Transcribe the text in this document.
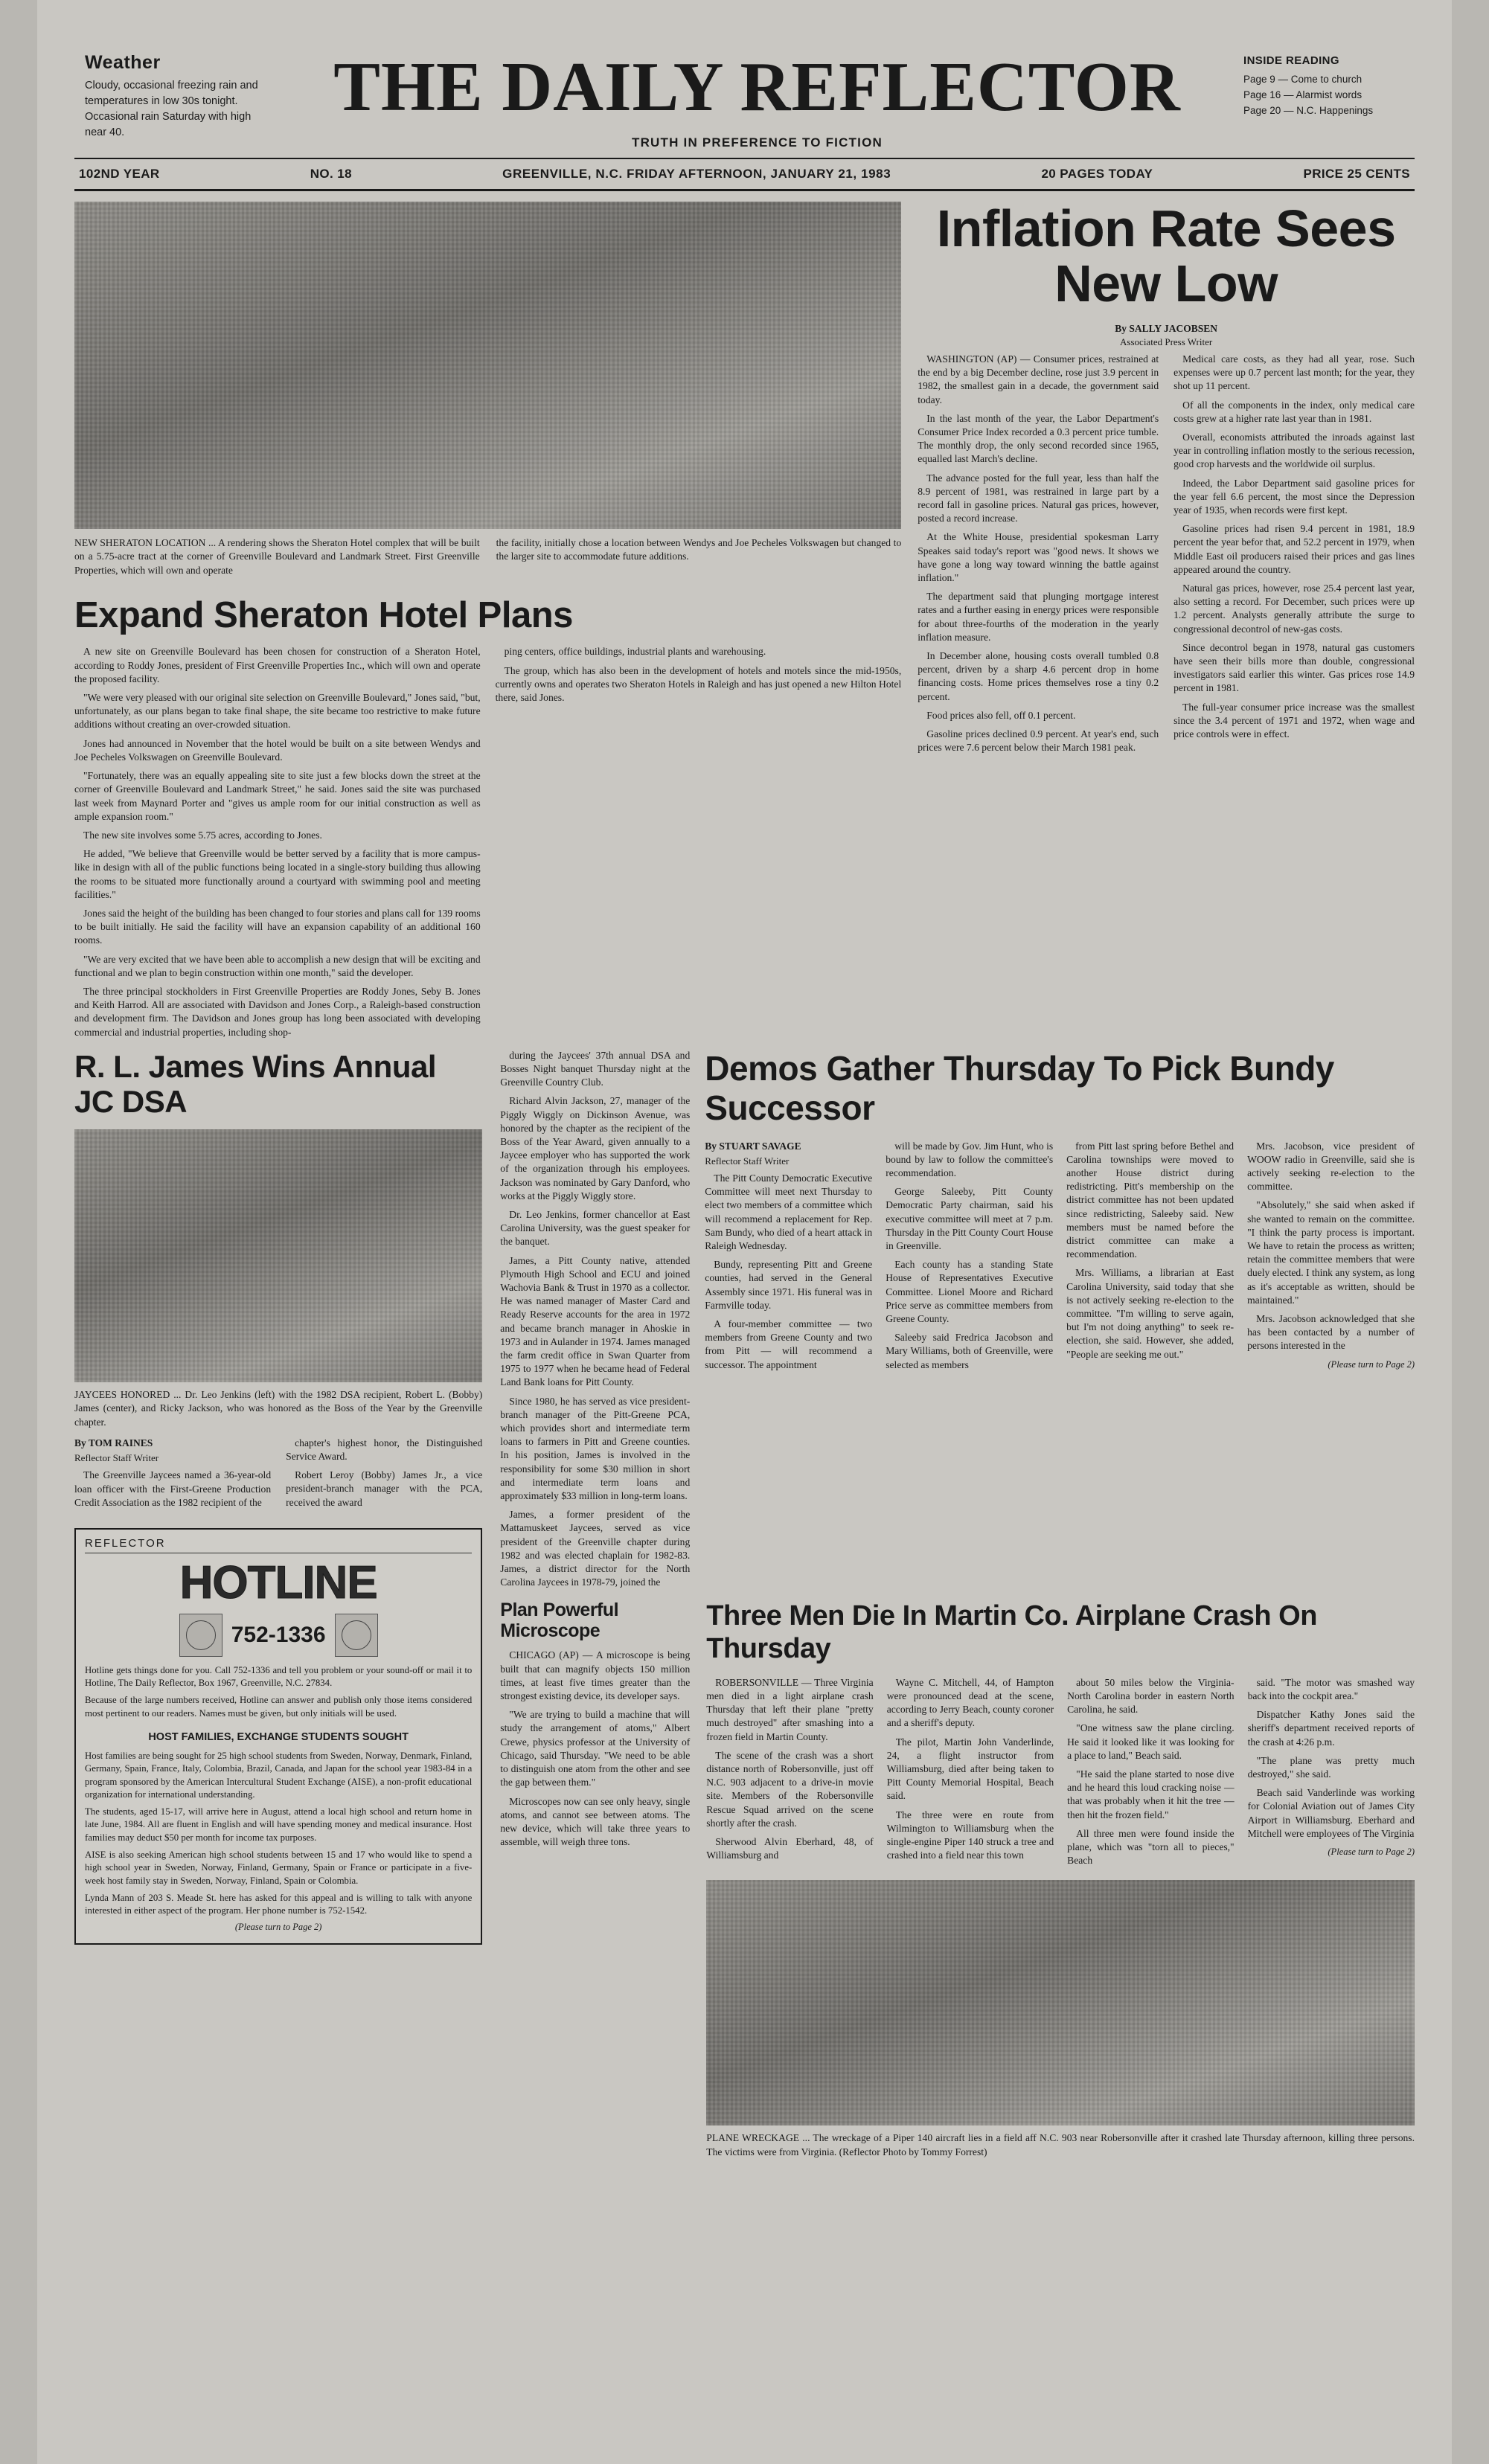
Weather
Cloudy, occasional freezing rain and temperatures in low 30s tonight. Occasional rain Saturday with high near 40.
THE DAILY REFLECTOR
TRUTH IN PREFERENCE TO FICTION
INSIDE READING
Page 9 — Come to church
Page 16 — Alarmist words
Page 20 — N.C. Happenings
102ND YEAR	NO. 18	GREENVILLE, N.C. FRIDAY AFTERNOON, JANUARY 21, 1983	20 PAGES TODAY	PRICE 25 CENTS
NEW SHERATON LOCATION ... A rendering shows the Sheraton Hotel complex that will be built on a 5.75-acre tract at the corner of Greenville Boulevard and Landmark Street. First Greenville Properties, which will own and operate
the facility, initially chose a location between Wendys and Joe Pecheles Volkswagen but changed to the larger site to accommodate future additions.
Expand Sheraton Hotel Plans

A new site on Greenville Boulevard has been chosen for construction of a Sheraton Hotel, according to Roddy Jones, president of First Greenville Properties Inc., which will own and operate the proposed facility.

"We were very pleased with our original site selection on Greenville Boulevard," Jones said, "but, unfortunately, as our plans began to take final shape, the site became too restrictive to make future additions without creating an over-crowded situation.

Jones had announced in November that the hotel would be built on a site between Wendys and Joe Pecheles Volkswagen on Greenville Boulevard.

"Fortunately, there was an equally appealing site to site just a few blocks down the street at the corner of Greenville Boulevard and Landmark Street," he said. Jones said the site was purchased last week from Maynard Porter and "gives us ample room for our initial construction as well as ample expansion room."

The new site involves some 5.75 acres, according to Jones.

He added, "We believe that Greenville would be better served by a facility that is more campus-like in design with all of the public functions being located in a single-story building thus allowing the rooms to be situated more functionally around a courtyard with swimming pool and meeting facilities."

Jones said the height of the building has been changed to four stories and plans call for 139 rooms to be built initially. He said the facility will have an expansion capability of an additional 160 rooms.

"We are very excited that we have been able to accomplish a new design that will be exciting and functional and we plan to begin construction within one month," said the developer.

The three principal stockholders in First Greenville Properties are Roddy Jones, Seby B. Jones and Keith Harrod. All are associated with Davidson and Jones Corp., a Raleigh-based construction and development firm. The Davidson and Jones group has long been associated with developing commercial and industrial properties, including shop-

ping centers, office buildings, industrial plants and warehousing.

The group, which has also been in the development of hotels and motels since the mid-1950s, currently owns and operates two Sheraton Hotels in Raleigh and has just opened a new Hilton Hotel there, said Jones.

Inflation Rate Sees New Low
By SALLY JACOBSEN
Associated Press Writer

WASHINGTON (AP) — Consumer prices, restrained at the end by a big December decline, rose just 3.9 percent in 1982, the smallest gain in a decade, the government said today.

In the last month of the year, the Labor Department's Consumer Price Index recorded a 0.3 percent price tumble. The monthly drop, the only second recorded since 1965, equalled last March's decline.

The advance posted for the full year, less than half the 8.9 percent of 1981, was restrained in large part by a record fall in gasoline prices. Natural gas prices, however, posted a record increase.

At the White House, presidential spokesman Larry Speakes said today's report was "good news. It shows we have gone a long way toward winning the battle against inflation."

The department said that plunging mortgage interest rates and a further easing in energy prices were responsible for about three-fourths of the moderation in the yearly inflation measure.

In December alone, housing costs overall tumbled 0.8 percent, driven by a sharp 4.6 percent drop in home financing costs. Home prices themselves rose a tiny 0.2 percent.

Food prices also fell, off 0.1 percent.

Gasoline prices declined 0.9 percent. At year's end, such prices were 7.6 percent below their March 1981 peak.

Medical care costs, as they had all year, rose. Such expenses were up 0.7 percent last month; for the year, they shot up 11 percent.

Of all the components in the index, only medical care costs grew at a higher rate last year than in 1981.

Overall, economists attributed the inroads against last year in controlling inflation mostly to the serious recession, good crop harvests and the worldwide oil surplus.

Indeed, the Labor Department said gasoline prices for the year fell 6.6 percent, the most since the Depression year of 1935, when records were first kept.

Gasoline prices had risen 9.4 percent in 1981, 18.9 percent the year befor that, and 52.2 percent in 1979, when Middle East oil producers raised their prices and gas lines appeared around the country.

Natural gas prices, however, rose 25.4 percent last year, also setting a record. For December, such prices were up 1.2 percent. Analysts generally attribute the surge to congressional decontrol of new-gas costs.

Since decontrol began in 1978, natural gas customers have seen their bills more than double, congressional investigators said earlier this winter. Gas prices rose 14.9 percent in 1981.

The full-year consumer price increase was the smallest since the 3.4 percent of 1971 and 1972, when wage and price controls were in effect.

R. L. James Wins Annual JC DSA
JAYCEES HONORED ... Dr. Leo Jenkins (left) with the 1982 DSA recipient, Robert L. (Bobby) James (center), and Ricky Jackson, who was honored as the Boss of the Year by the Greenville chapter.
By TOM RAINES
Reflector Staff Writer

The Greenville Jaycees named a 36-year-old loan officer with the First-Greene Production Credit Association as the 1982 recipient of the

chapter's highest honor, the Distinguished Service Award.

Robert Leroy (Bobby) James Jr., a vice president-branch manager with the PCA, received the award

REFLECTOR
HOTLINE
752-1336

Hotline gets things done for you. Call 752-1336 and tell you problem or your sound-off or mail it to Hotline, The Daily Reflector, Box 1967, Greenville, N.C. 27834.

Because of the large numbers received, Hotline can answer and publish only those items considered most pertinent to our readers. Names must be given, but only initials will be used.

HOST FAMILIES, EXCHANGE STUDENTS SOUGHT

Host families are being sought for 25 high school students from Sweden, Norway, Denmark, Finland, Germany, Spain, France, Italy, Colombia, Brazil, Canada, and Japan for the school year 1983-84 in a program sponsored by the American Intercultural Student Exchange (AISE), a non-profit educational organization for international understanding.

The students, aged 15-17, will arrive here in August, attend a local high school and return home in late June, 1984. All are fluent in English and will have spending money and medical insurance. Host families may deduct $50 per month for income tax purposes.

AISE is also seeking American high school students between 15 and 17 who would like to spend a high school year in Sweden, Norway, Finland, Germany, Spain or France or participate in a five-week host family stay in Sweden, Norway, Finland, Spain or Colombia.

Lynda Mann of 203 S. Meade St. here has asked for this appeal and is willing to talk with anyone interested in either aspect of the program. Her phone number is 752-1542.

(Please turn to Page 2)

during the Jaycees' 37th annual DSA and Bosses Night banquet Thursday night at the Greenville Country Club.

Richard Alvin Jackson, 27, manager of the Piggly Wiggly on Dickinson Avenue, was honored by the chapter as the recipient of the Boss of the Year Award, given annually to a Jaycee employer who has supported the work of the organization through his employees. Jackson was nominated by Gary Danford, who works at the Piggly Wiggly store.

Dr. Leo Jenkins, former chancellor at East Carolina University, was the guest speaker for the banquet.

James, a Pitt County native, attended Plymouth High School and ECU and joined Wachovia Bank & Trust in 1970 as a collector. He was named manager of Master Card and Ready Reserve accounts for the area in 1972 and became branch manager in Ahoskie in 1973 and in Aulander in 1974. James managed the farm credit office in Swan Quarter from 1975 to 1977 when he became head of Federal Land Bank loans for Pitt County.

Since 1980, he has served as vice president-branch manager of the Pitt-Greene PCA, which provides short and intermediate term loans to farmers in Pitt and Greene counties. In his position, James is involved in the responsibility for some $30 million in short and intermediate term loans and approximately $33 million in long-term loans.

James, a former president of the Mattamuskeet Jaycees, served as vice president of the Greenville chapter during 1982 and was elected chaplain for 1982-83. James, a district director for the North Carolina Jaycees in 1978-79, joined the

Demos Gather Thursday To Pick Bundy Successor
By STUART SAVAGE
Reflector Staff Writer

The Pitt County Democratic Executive Committee will meet next Thursday to elect two members of a committee which will recommend a replacement for Rep. Sam Bundy, who died of a heart attack in Raleigh Wednesday.

Bundy, representing Pitt and Greene counties, had served in the General Assembly since 1971. His funeral was in Farmville today.

A four-member committee — two members from Greene County and two from Pitt — will recommend a successor. The appointment

will be made by Gov. Jim Hunt, who is bound by law to follow the committee's recommendation.

George Saleeby, Pitt County Democratic Party chairman, said his executive committee will meet at 7 p.m. Thursday in the Pitt County Court House in Greenville.

Each county has a standing State House of Representatives Executive Committee. Lionel Moore and Richard Price serve as committee members from Greene County.

Saleeby said Fredrica Jacobson and Mary Williams, both of Greenville, were selected as members

from Pitt last spring before Bethel and Carolina townships were moved to another House district during redistricting. Pitt's membership on the district committee has not been updated since redistricting, Saleeby said. New members must be named before the district committee can make a recommendation.

Mrs. Williams, a librarian at East Carolina University, said today that she is not actively seeking re-election to the committee. "I'm willing to serve again, but I'm not doing anything" to seek re-election, she said. However, she added, "People are seeking me out."

Mrs. Jacobson, vice president of WOOW radio in Greenville, said she is actively seeking re-election to the committee.

"Absolutely," she said when asked if she wanted to remain on the committee. "I think the party process is important. We have to retain the process as written; retain the committee members that were duely elected. I think any system, as long as it's acceptable as written, should be maintained."

Mrs. Jacobson acknowledged that she has been contacted by a number of persons interested in the

(Please turn to Page 2)
Plan Powerful Microscope

CHICAGO (AP) — A microscope is being built that can magnify objects 150 million times, at least five times greater than the strongest existing device, its developer says.

"We are trying to build a machine that will study the arrangement of atoms," Albert Crewe, physics professor at the University of Chicago, said Thursday. "We need to be able to distinguish one atom from the other and see the gap between them."

Microscopes now can see only heavy, single atoms, and cannot see between atoms. The new device, which will take three years to assemble, will weigh three tons.

Three Men Die In Martin Co. Airplane Crash On Thursday

ROBERSONVILLE — Three Virginia men died in a light airplane crash Thursday that left their plane "pretty much destroyed" after smashing into a frozen field in Martin County.

The scene of the crash was a short distance north of Robersonville, just off N.C. 903 adjacent to a drive-in movie site. Members of the Robersonville Rescue Squad arrived on the scene shortly after the crash.

Sherwood Alvin Eberhard, 48, of Williamsburg and

Wayne C. Mitchell, 44, of Hampton were pronounced dead at the scene, according to Jerry Beach, county coroner and a sheriff's deputy.

The pilot, Martin John Vanderlinde, 24, a flight instructor from Williamsburg, died after being taken to Pitt County Memorial Hospital, Beach said.

The three were en route from Wilmington to Williamsburg when the single-engine Piper 140 struck a tree and crashed into a field near this town

about 50 miles below the Virginia-North Carolina border in eastern North Carolina, he said.

"One witness saw the plane circling. He said it looked like it was looking for a place to land," Beach said.

"He said the plane started to nose dive and he heard this loud cracking noise — that was probably when it hit the tree — then hit the frozen field."

All three men were found inside the plane, which was "torn all to pieces," Beach

said. "The motor was smashed way back into the cockpit area."

Dispatcher Kathy Jones said the sheriff's department received reports of the crash at 4:26 p.m.

"The plane was pretty much destroyed," she said.

Beach said Vanderlinde was working for Colonial Aviation out of James City Airport in Williamsburg. Eberhard and Mitchell were employees of The Virginia

(Please turn to Page 2)
PLANE WRECKAGE ... The wreckage of a Piper 140 aircraft lies in a field aff N.C. 903 near Robersonville after it crashed late Thursday afternoon, killing three persons. The victims were from Virginia. (Reflector Photo by Tommy Forrest)
